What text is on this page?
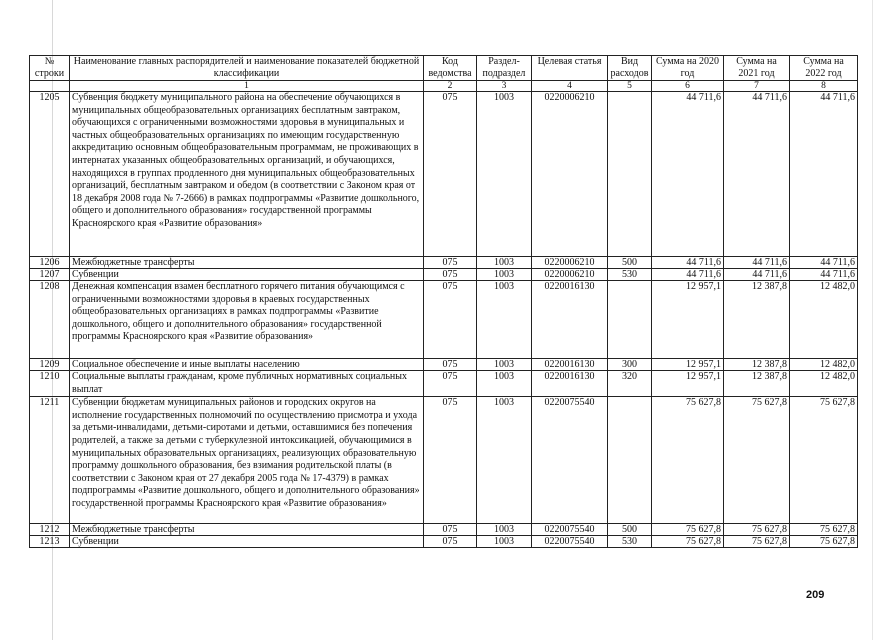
№ строки	Наименование главных распорядителей и наименование показателей бюджетной классификации	Код ведомства	Раздел-подраздел	Целевая статья	Вид расходов	Сумма на 2020 год	Сумма на 2021 год	Сумма на 2022 год
	1	2	3	4	5	6	7	8
1205	Субвенция бюджету муниципального района на обеспечение обучающихся в муниципальных общеобразовательных организациях бесплатным завтраком, обучающихся с ограниченными возможностями здоровья в муниципальных и частных общеобразовательных организациях по имеющим государственную аккредитацию основным общеобразовательным программам, не проживающих в интернатах указанных общеобразовательных организаций, и обучающихся, находящихся в группах продленного дня муниципальных общеобразовательных организаций, бесплатным завтраком и обедом (в соответствии с Законом края от 18 декабря 2008 года № 7-2666) в рамках подпрограммы «Развитие дошкольного, общего и дополнительного образования» государственной программы Красноярского края «Развитие образования»	075	1003	0220006210		44 711,6	44 711,6	44 711,6
1206	Межбюджетные трансферты	075	1003	0220006210	500	44 711,6	44 711,6	44 711,6
1207	Субвенции	075	1003	0220006210	530	44 711,6	44 711,6	44 711,6
1208	Денежная компенсация взамен бесплатного горячего питания обучающимся с ограниченными возможностями здоровья в краевых государственных общеобразовательных организациях в рамках подпрограммы «Развитие дошкольного, общего и дополнительного образования» государственной программы Красноярского края «Развитие образования»	075	1003	0220016130		12 957,1	12 387,8	12 482,0
1209	Социальное обеспечение и иные выплаты населению	075	1003	0220016130	300	12 957,1	12 387,8	12 482,0
1210	Социальные выплаты гражданам, кроме публичных нормативных социальных выплат	075	1003	0220016130	320	12 957,1	12 387,8	12 482,0
1211	Субвенции бюджетам муниципальных районов и городских округов на исполнение государственных полномочий по осуществлению присмотра и ухода за детьми-инвалидами, детьми-сиротами и детьми, оставшимися без попечения родителей, а также за детьми с туберкулезной интоксикацией, обучающимися в муниципальных образовательных организациях, реализующих образовательную программу дошкольного образования, без взимания родительской платы (в соответствии с Законом края от 27 декабря 2005 года № 17-4379) в рамках подпрограммы «Развитие дошкольного, общего и дополнительного образования» государственной программы Красноярского края «Развитие образования»	075	1003	0220075540		75 627,8	75 627,8	75 627,8
1212	Межбюджетные трансферты	075	1003	0220075540	500	75 627,8	75 627,8	75 627,8
1213	Субвенции	075	1003	0220075540	530	75 627,8	75 627,8	75 627,8
209
